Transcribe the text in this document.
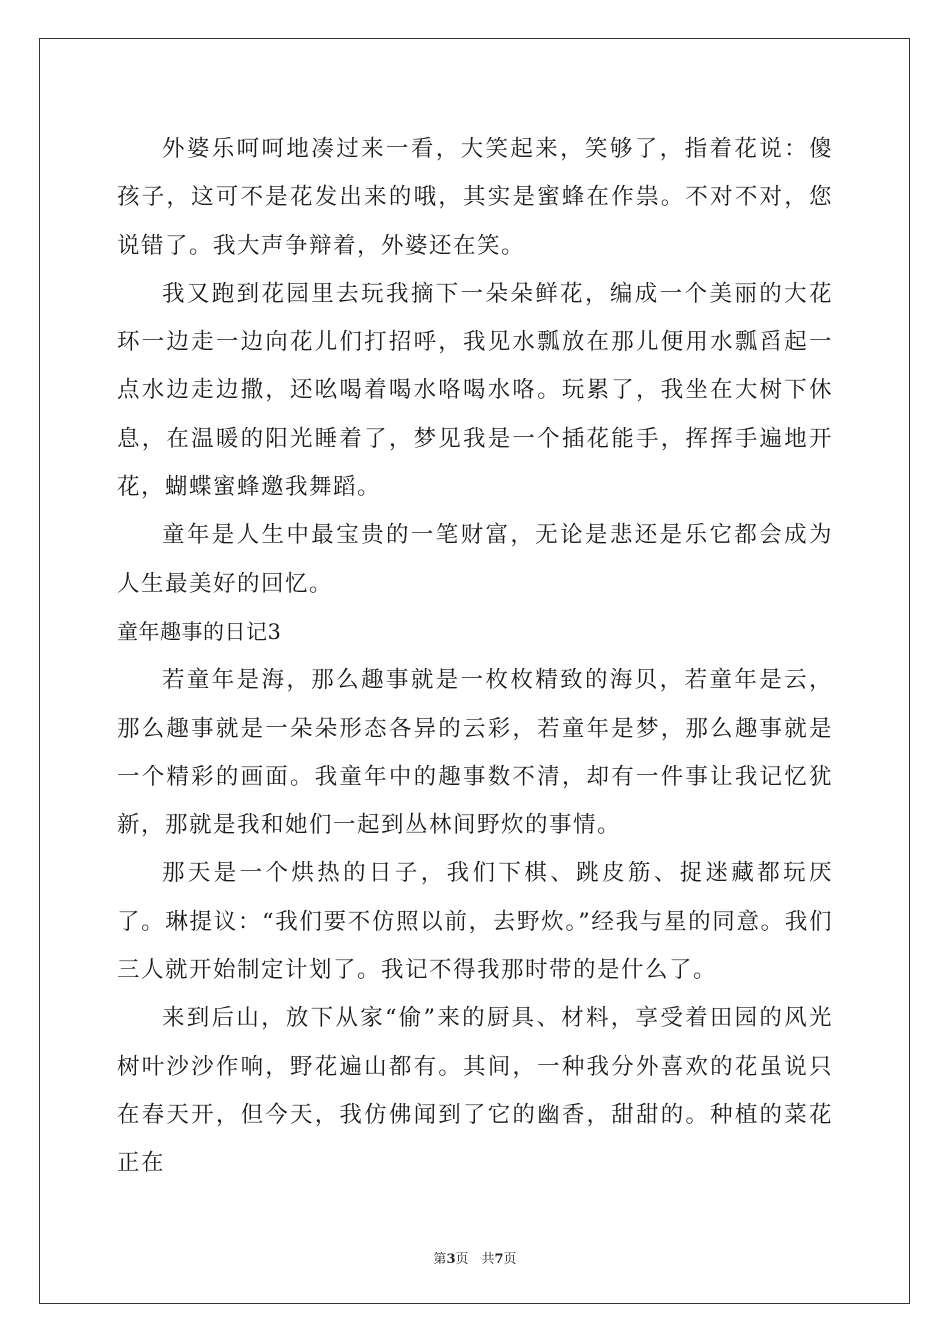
外婆乐呵呵地凑过来一看，大笑起来，笑够了，指着花说：傻孩子，这可不是花发出来的哦，其实是蜜蜂在作祟。不对不对，您说错了。我大声争辩着，外婆还在笑。

我又跑到花园里去玩我摘下一朵朵鲜花，编成一个美丽的大花环一边走一边向花儿们打招呼，我见水瓢放在那儿便用水瓢舀起一点水边走边撒，还吆喝着喝水咯喝水咯。玩累了，我坐在大树下休息，在温暖的阳光睡着了，梦见我是一个插花能手，挥挥手遍地开花，蝴蝶蜜蜂邀我舞蹈。

童年是人生中最宝贵的一笔财富，无论是悲还是乐它都会成为人生最美好的回忆。

童年趣事的日记3

若童年是海，那么趣事就是一枚枚精致的海贝，若童年是云，那么趣事就是一朵朵形态各异的云彩，若童年是梦，那么趣事就是一个精彩的画面。我童年中的趣事数不清，却有一件事让我记忆犹新，那就是我和她们一起到丛林间野炊的事情。

那天是一个烘热的日子，我们下棋、跳皮筋、捉迷藏都玩厌了。琳提议：“我们要不仿照以前，去野炊。”经我与星的同意。我们三人就开始制定计划了。我记不得我那时带的是什么了。

来到后山，放下从家“偷”来的厨具、材料，享受着田园的风光树叶沙沙作响，野花遍山都有。其间，一种我分外喜欢的花虽说只在春天开，但今天，我仿佛闻到了它的幽香，甜甜的。种植的菜花正在

第3页　共7页
